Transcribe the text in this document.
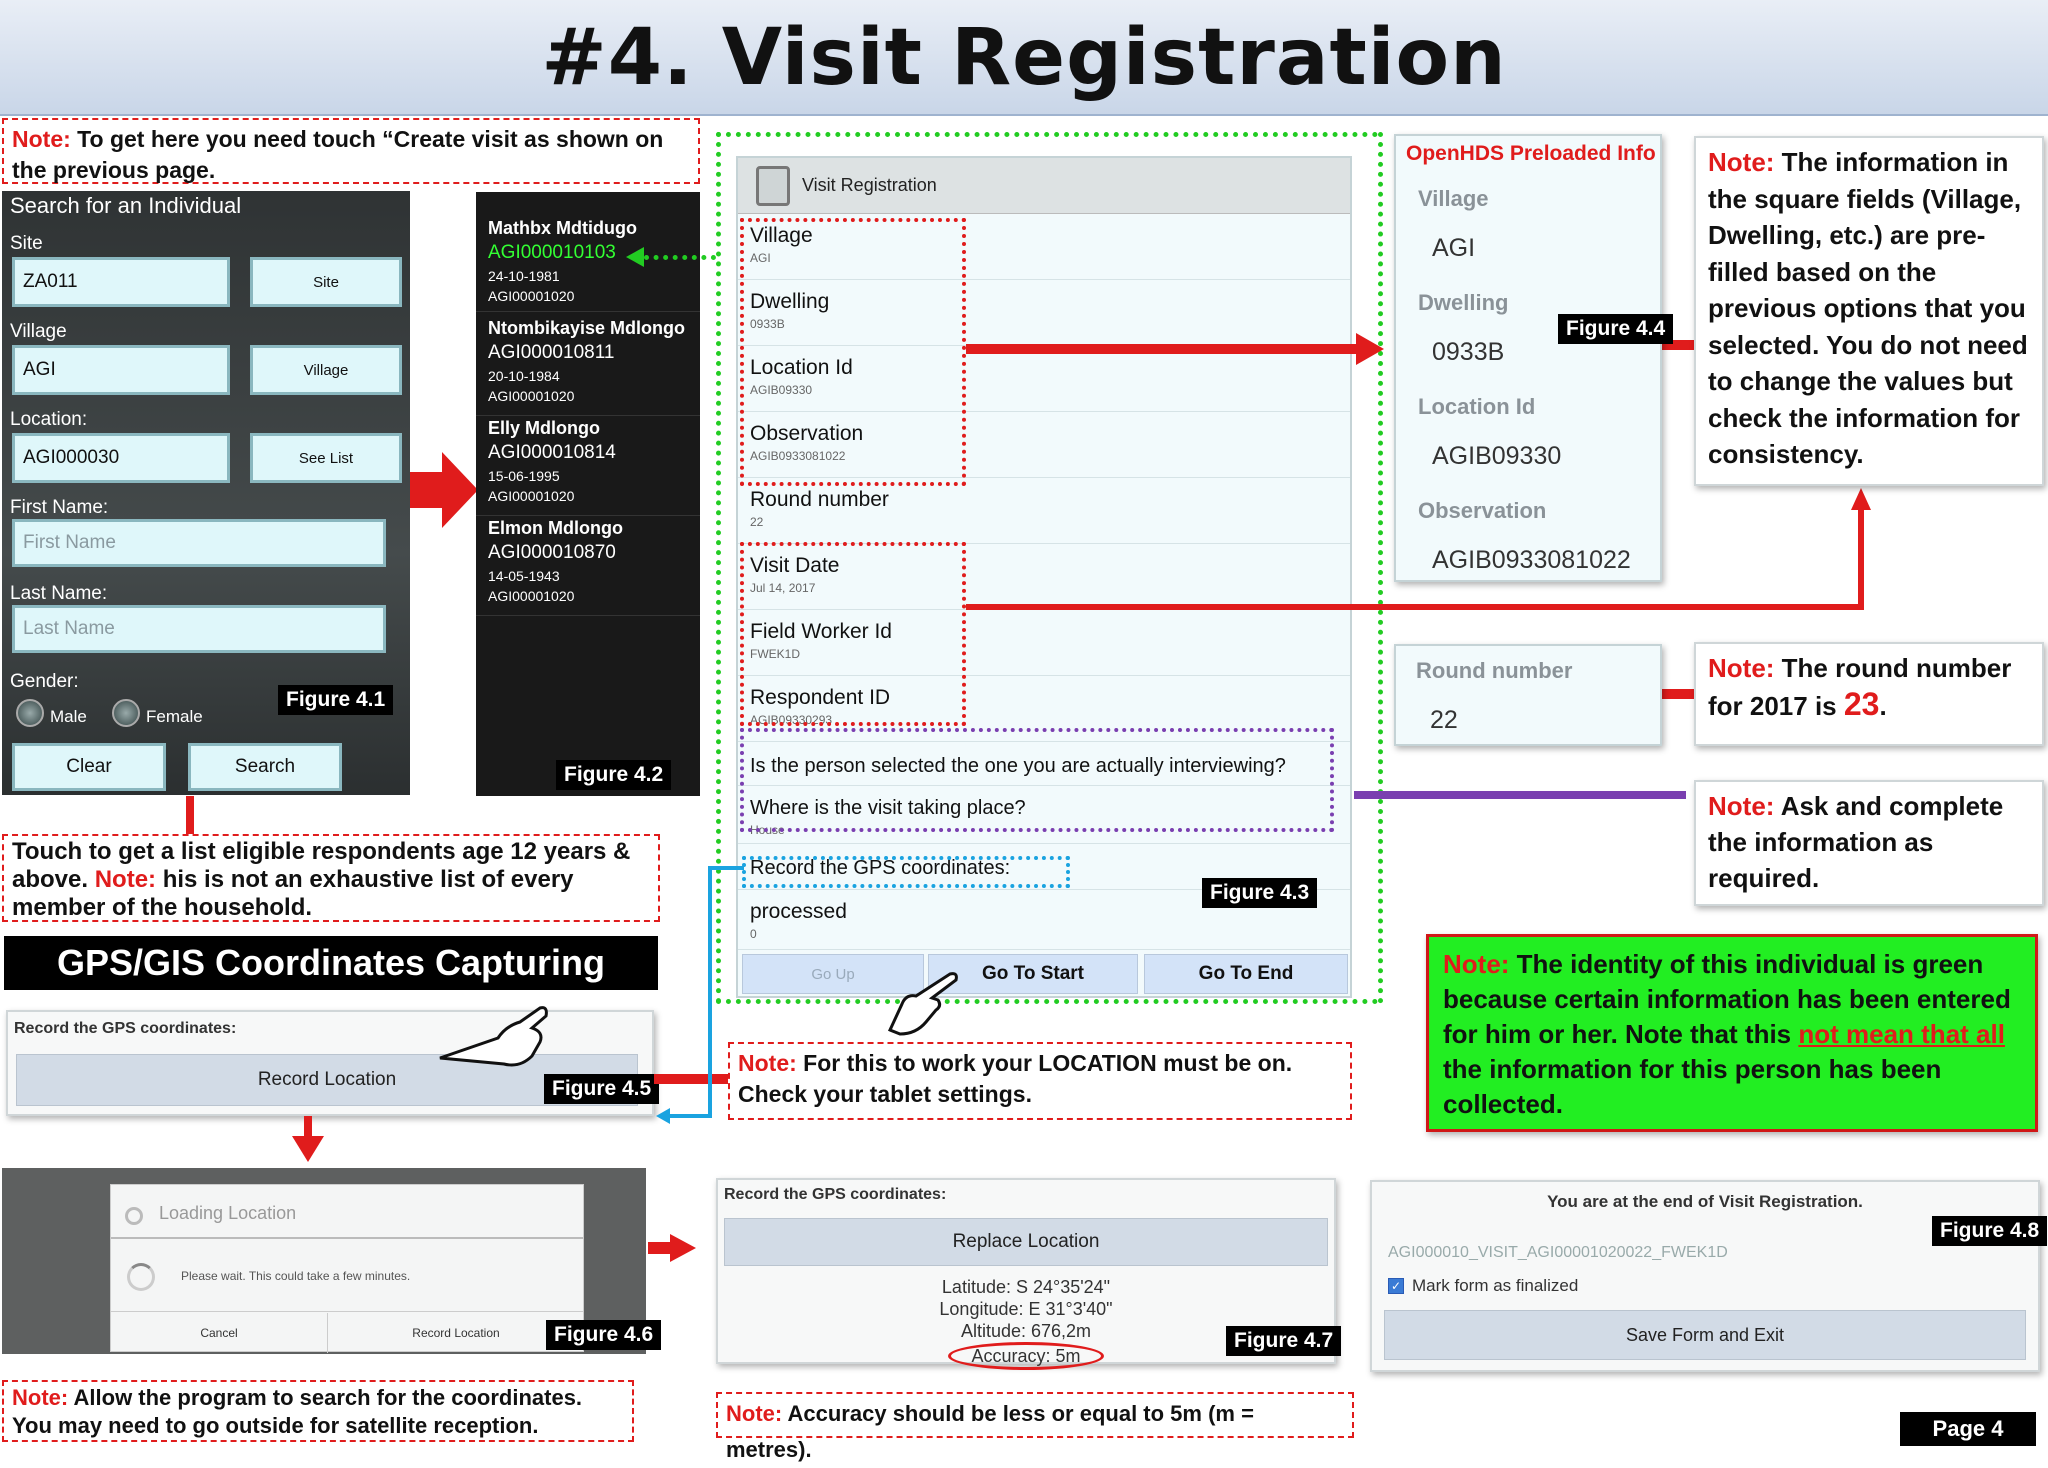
#4. Visit Registration
Note: To get here you need touch “Create visit as shown on the previous page.
Search for an Individual
Site
ZA011	Site
Village
AGI	Village
Location:
AGI000030	See List
First Name:
First Name
Last Name:
Last Name
Gender:
Male	Female
Figure 4.1
Clear	Search
Mathbx Mdtidugo
AGI000010103
24-10-1981
AGI00001020
Ntombikayise Mdlongo
AGI000010811
20-10-1984
AGI00001020
Elly Mdlongo
AGI000010814
15-06-1995
AGI00001020
Elmon Mdlongo
AGI000010870
14-05-1943
AGI00001020
Figure 4.2
Visit Registration
Village
AGI
Dwelling
0933B
Location Id
AGIB09330
Observation
AGIB0933081022
Round number
22
Visit Date
Jul 14, 2017
Field Worker Id
FWEK1D
Respondent ID
AGIB09330293
Is the person selected the one you are actually interviewing?
Where is the visit taking place?
House
Record the GPS coordinates:
processed
0
Go Up	Go To Start	Go To End
Figure 4.3
OpenHDS Preloaded Info
Village
AGI
Dwelling
0933B
Location Id
AGIB09330
Observation
AGIB0933081022
Figure 4.4
Note: The information in the square fields (Village, Dwelling, etc.) are pre-filled based on the previous options that you selected. You do not need to change the values but check the information for consistency.
Round number
22
Note: The round number for 2017 is 23.
Note: Ask and complete the information as required.
Note: The identity of this individual is green because certain information has been entered for him or her. Note that this not mean that all the information for this person has been collected.
Touch to get a list eligible respondents age 12 years & above. Note: his is not an exhaustive list of every member of the household.
GPS/GIS Coordinates Capturing
Record the GPS coordinates:
Record Location	Figure 4.5
Note: For this to work your LOCATION must be on. Check your tablet settings.
Loading Location
Please wait. This could take a few minutes.
Cancel	Record Location	Figure 4.6
Record the GPS coordinates:
Replace Location
Latitude: S 24°35'24"
Longitude: E 31°3'40"
Altitude: 676,2m
Accuracy: 5m
Figure 4.7
You are at the end of Visit Registration.
AGI000010_VISIT_AGI00001020022_FWEK1D
✓ Mark form as finalized
Save Form and Exit
Figure 4.8
Note: Allow the program to search for the coordinates. You may need to go outside for satellite reception.	Note: Accuracy should be less or equal to 5m (m = metres).
Page 4
